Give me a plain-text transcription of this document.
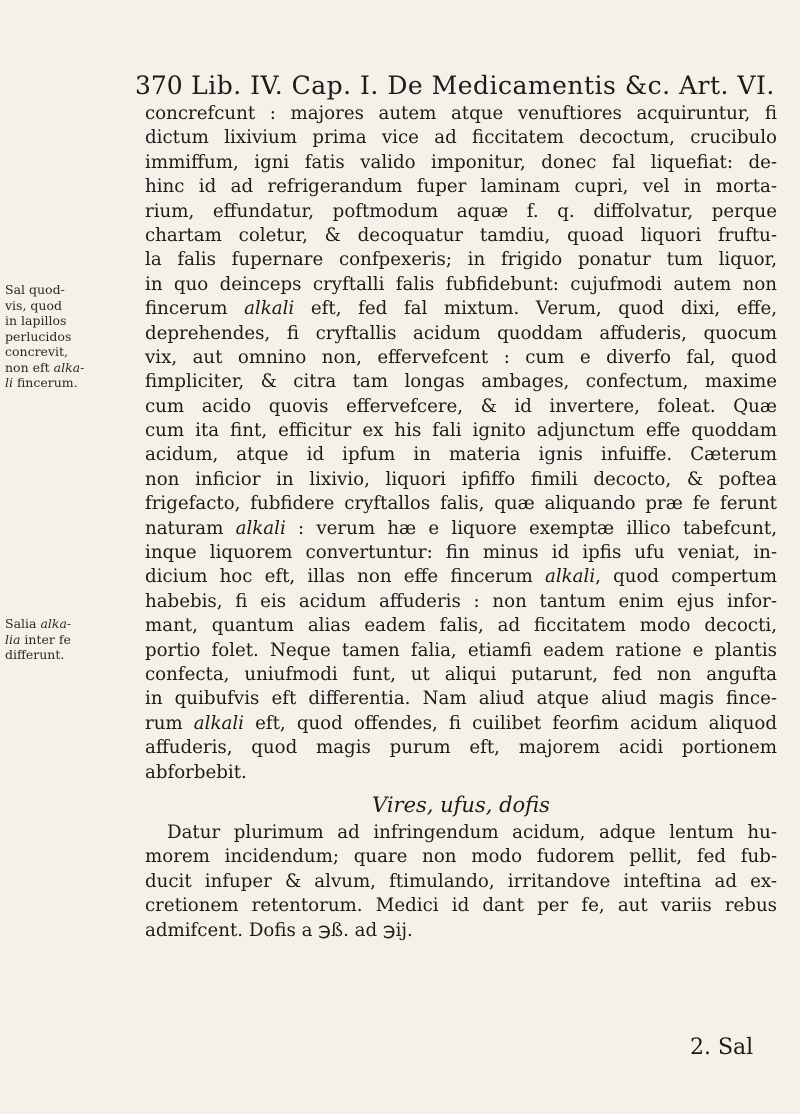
370 Lib. IV. Cap. I. De Medicamentis &c. Art. VI.
concrefcunt : majores autem atque venuftiores acquiruntur, fi
dictum lixivium prima vice ad ficcitatem decoctum, crucibulo
immiffum, igni fatis valido imponitur, donec fal liquefiat: de-
hinc id ad refrigerandum fuper laminam cupri, vel in morta-
rium, effundatur, poftmodum aquæ f. q. diffolvatur, perque
chartam coletur, & decoquatur tamdiu, quoad liquori fruftu-
la falis fupernare confpexeris; in frigido ponatur tum liquor,
in quo deinceps cryftalli falis fubfidebunt: cujufmodi autem non
fincerum alkali eft, fed fal mixtum. Verum, quod dixi, effe,
deprehendes, fi cryftallis acidum quoddam affuderis, quocum
vix, aut omnino non, effervefcent : cum e diverfo fal, quod
fimpliciter, & citra tam longas ambages, confectum, maxime
cum acido quovis effervefcere, & id invertere, foleat. Quæ
cum ita fint, efficitur ex his fali ignito adjunctum effe quoddam
acidum, atque id ipfum in materia ignis infuiffe. Cæterum
non inficior in lixivio, liquori ipfiffo fimili decocto, & poftea
frigefacto, fubfidere cryftallos falis, quæ aliquando præ fe ferunt
naturam alkali : verum hæ e liquore exemptæ illico tabefcunt,
inque liquorem convertuntur: fin minus id ipfis ufu veniat, in-
dicium hoc eft, illas non effe fincerum alkali, quod compertum
habebis, fi eis acidum affuderis : non tantum enim ejus infor-
mant, quantum alias eadem falis, ad ficcitatem modo decocti,
portio folet. Neque tamen falia, etiamfi eadem ratione e plantis
confecta, uniufmodi funt, ut aliqui putarunt, fed non angufta
in quibufvis eft differentia. Nam aliud atque aliud magis fince-
rum alkali eft, quod offendes, fi cuilibet feorfim acidum aliquod
affuderis, quod magis purum eft, majorem acidi portionem
abforbebit.
Vires, ufus, dofis
Datur plurimum ad infringendum acidum, adque lentum hu-
morem incidendum; quare non modo fudorem pellit, fed fub-
ducit infuper & alvum, ftimulando, irritandove inteftina ad ex-
cretionem retentorum. Medici id dant per fe, aut variis rebus
admifcent. Dofis a ℈ß. ad ℈ij.
Sal quod-
vis, quod
in lapillos
perlucidos
concrevit,
non eft alka-
li fincerum.
Salia alka-
lia inter fe
differunt.
2. Sal
